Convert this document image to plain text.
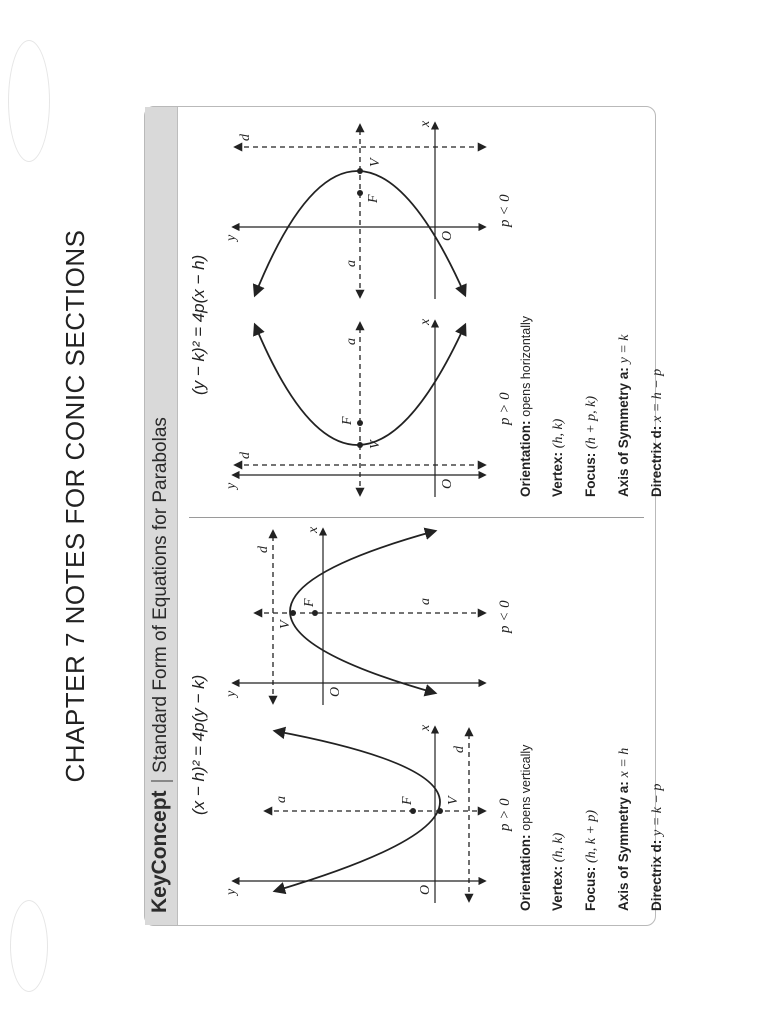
CHAPTER 7 NOTES FOR CONIC SECTIONS
KeyConcept
Standard Form of Equations for Parabolas (x − h)² = 4p(y − k)
(y − k)² = 4p(x − h)
x
y	O
a
d
F V p > 0
x
y	O
a
d
F
V	p < 0
x
y	O
a
d
F
V
p > 0
x
y	O
a
d
F
V
p < 0
Orientation: opens vertically
Vertex: (h, k)
Focus: (h, k + p)	Axis of Symmetry a: x = h
Directrix d: y = k − p
Orientation: opens horizontally
Vertex: (h, k)
Focus: (h + p, k)	Axis of Symmetry a: y = k
Directrix d: x = h − p
